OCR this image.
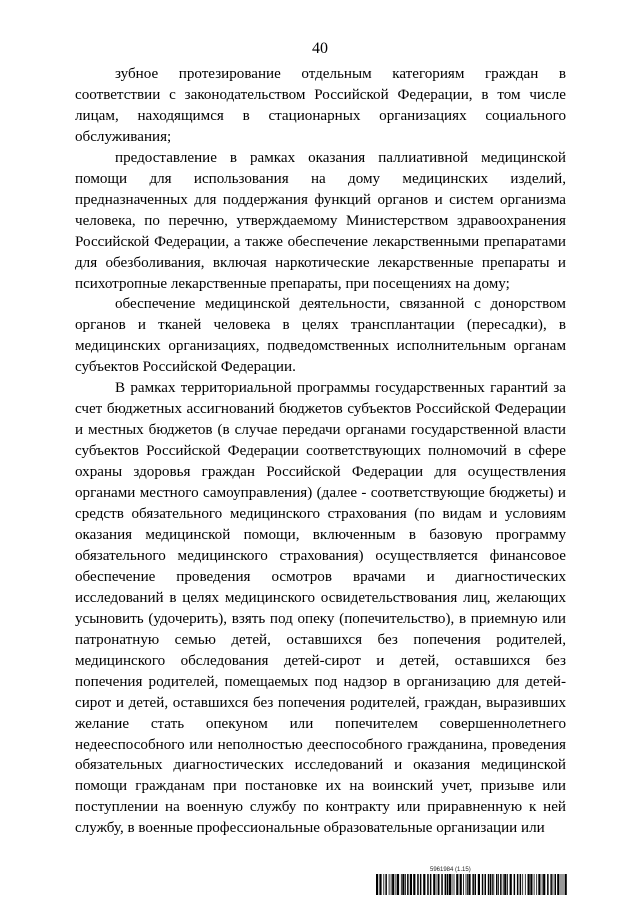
40

зубное протезирование отдельным категориям граждан в соответствии с законодательством Российской Федерации, в том числе лицам, находящимся в стационарных организациях социального обслуживания;

предоставление в рамках оказания паллиативной медицинской помощи для использования на дому медицинских изделий, предназначенных для поддержания функций органов и систем организма человека, по перечню, утверждаемому Министерством здравоохранения Российской Федерации, а также обеспечение лекарственными препаратами для обезболивания, включая наркотические лекарственные препараты и психотропные лекарственные препараты, при посещениях на дому;

обеспечение медицинской деятельности, связанной с донорством органов и тканей человека в целях трансплантации (пересадки), в медицинских организациях, подведомственных исполнительным органам субъектов Российской Федерации.

В рамках территориальной программы государственных гарантий за счет бюджетных ассигнований бюджетов субъектов Российской Федерации и местных бюджетов (в случае передачи органами государственной власти субъектов Российской Федерации соответствующих полномочий в сфере охраны здоровья граждан Российской Федерации для осуществления органами местного самоуправления) (далее - соответствующие бюджеты) и средств обязательного медицинского страхования (по видам и условиям оказания медицинской помощи, включенным в базовую программу обязательного медицинского страхования) осуществляется финансовое обеспечение проведения осмотров врачами и диагностических исследований в целях медицинского освидетельствования лиц, желающих усыновить (удочерить), взять под опеку (попечительство), в приемную или патронатную семью детей, оставшихся без попечения родителей, медицинского обследования детей-сирот и детей, оставшихся без попечения родителей, помещаемых под надзор в организацию для детей-сирот и детей, оставшихся без попечения родителей, граждан, выразивших желание стать опекуном или попечителем совершеннолетнего недееспособного или неполностью дееспособного гражданина, проведения обязательных диагностических исследований и оказания медицинской помощи гражданам при постановке их на воинский учет, призыве или поступлении на военную службу по контракту или приравненную к ней службу, в военные профессиональные образовательные организации или

5961984 (1.15)
